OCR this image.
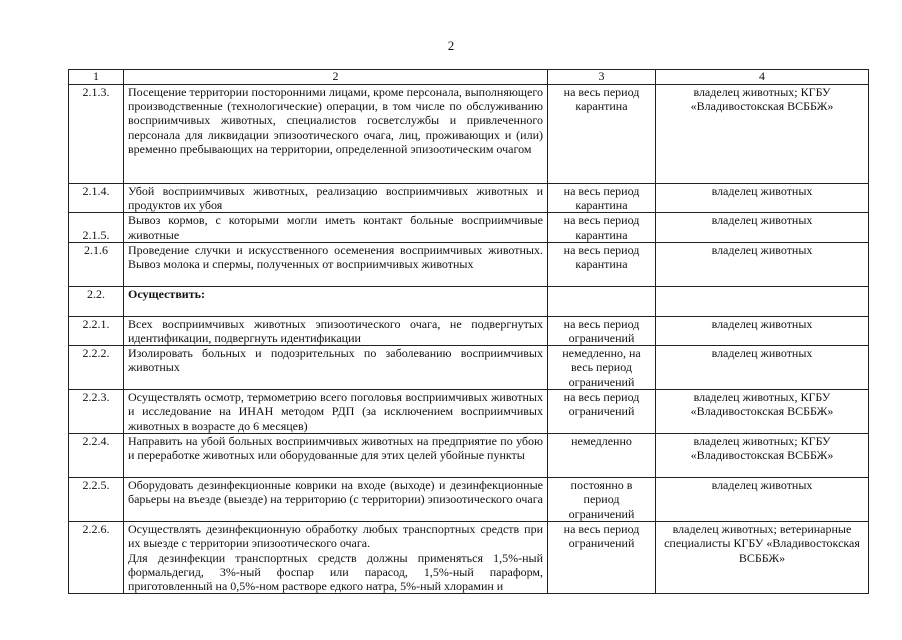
2
1	2	3	4
2.1.3.	Посещение территории посторонними лицами, кроме персонала, выполняющего производственные (технологические) операции, в том числе по обслуживанию восприимчивых животных, специалистов госветслужбы и привлеченного персонала для ликвидации эпизоотического очага, лиц, проживающих и (или) временно пребывающих на территории, определенной эпизоотическим очагом	на весь период карантина	владелец животных; КГБУ «Владивостокская ВСББЖ»
2.1.4.	Убой восприимчивых животных, реализацию восприимчивых животных и продуктов их убоя	на весь период карантина	владелец животных
2.1.5.	Вывоз кормов, с которыми могли иметь контакт больные восприимчивые животные	на весь период карантина	владелец животных
2.1.6	Проведение случки и искусственного осеменения восприимчивых животных. Вывоз молока и спермы, полученных от восприимчивых животных	на весь период карантина	владелец животных
2.2.	Осуществить:		

2.2.1.	Всех восприимчивых животных эпизоотического очага, не подвергнутых идентификации, подвергнуть идентификации	на весь период ограничений	владелец животных
2.2.2.	Изолировать больных и подозрительных по заболеванию восприимчивых животных	немедленно, на весь период ограничений	владелец животных
2.2.3.	Осуществлять осмотр, термометрию всего поголовья восприимчивых животных и исследование на ИНАН методом РДП (за исключением восприимчивых животных в возрасте до 6 месяцев)	на весь период ограничений	владелец животных, КГБУ «Владивостокская ВСББЖ»
2.2.4.	Направить на убой больных восприимчивых животных на предприятие по убою и переработке животных или оборудованные для этих целей убойные пункты	немедленно	владелец животных; КГБУ «Владивостокская ВСББЖ»
2.2.5.	Оборудовать дезинфекционные коврики на входе (выходе) и дезинфекционные барьеры на въезде (выезде) на территорию (с территории) эпизоотического очага	постоянно в период ограничений	владелец животных
2.2.6.	Осуществлять дезинфекционную обработку любых транспортных средств при их выезде с территории эпизоотического очага.
Для дезинфекции транспортных средств должны применяться 1,5%-ный формальдегид, 3%-ный фоспар или парасод, 1,5%-ный параформ, приготовленный на 0,5%-ном растворе едкого натра, 5%-ный хлорамин и	на весь период ограничений	владелец животных; ветеринарные специалисты КГБУ «Владивостокская ВСББЖ»
